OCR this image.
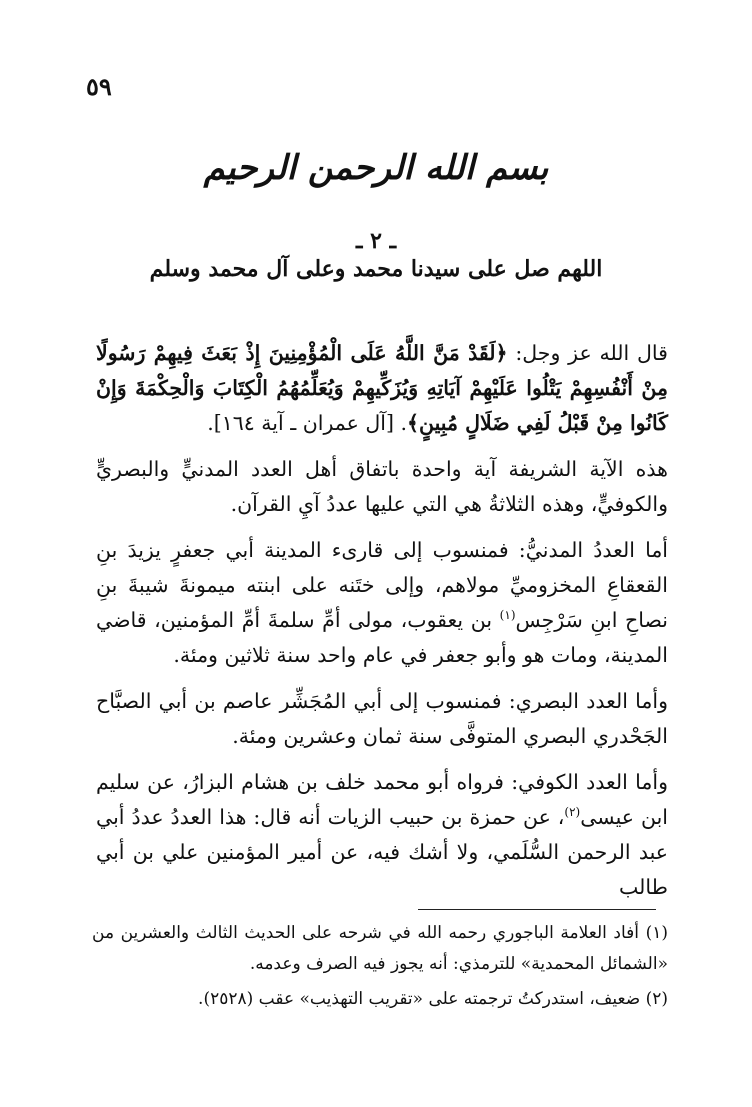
٥٩
بسم الله الرحمن الرحيم
ـ ٢ ـ
اللهم صل على سيدنا محمد وعلى آل محمد وسلم

قال الله عز وجل: ﴿لَقَدْ مَنَّ اللَّهُ عَلَى الْمُؤْمِنِينَ إِذْ بَعَثَ فِيهِمْ رَسُولًا مِنْ أَنْفُسِهِمْ يَتْلُوا عَلَيْهِمْ آيَاتِهِ وَيُزَكِّيهِمْ وَيُعَلِّمُهُمُ الْكِتَابَ وَالْحِكْمَةَ وَإِنْ كَانُوا مِنْ قَبْلُ لَفِي ضَلَالٍ مُبِينٍ﴾. [آل عمران ـ آية ١٦٤].

هذه الآية الشريفة آية واحدة باتفاق أهل العدد المدنيٍّ والبصريٍّ والكوفيٍّ، وهذه الثلاثةُ هي التي عليها عددُ آيِ القرآن.

أما العددُ المدنيُّ: فمنسوب إلى قارىء المدينة أبي جعفرٍ يزيدَ بنِ القعقاعِ المخزوميِّ مولاهم، وإلى ختَنه على ابنته ميمونةَ شيبةَ بنِ نصاحِ ابنِ سَرْجِس$^{(١)}$ بن يعقوب، مولى أمِّ سلمةَ أمِّ المؤمنين، قاضي المدينة، ومات هو وأبو جعفر في عام واحد سنة ثلاثين ومئة.

وأما العدد البصري: فمنسوب إلى أبي المُجَشِّر عاصم بن أبي الصبَّاح الجَحْدري البصري المتوفَّى سنة ثمان وعشرين ومئة.

وأما العدد الكوفي: فرواه أبو محمد خلف بن هشام البزارُ، عن سليم ابن عيسى$^{(٢)}$، عن حمزة بن حبيب الزيات أنه قال: هذا العددُ عددُ أبي عبد الرحمن السُّلَمي، ولا أشك فيه، عن أمير المؤمنين علي بن أبي طالب

(١) أفاد العلامة الباجوري رحمه الله في شرحه على الحديث الثالث والعشرين من «الشمائل المحمدية» للترمذي: أنه يجوز فيه الصرف وعدمه.

(٢) ضعيف، استدركتُ ترجمته على «تقريب التهذيب» عقب (٢٥٢٨).
